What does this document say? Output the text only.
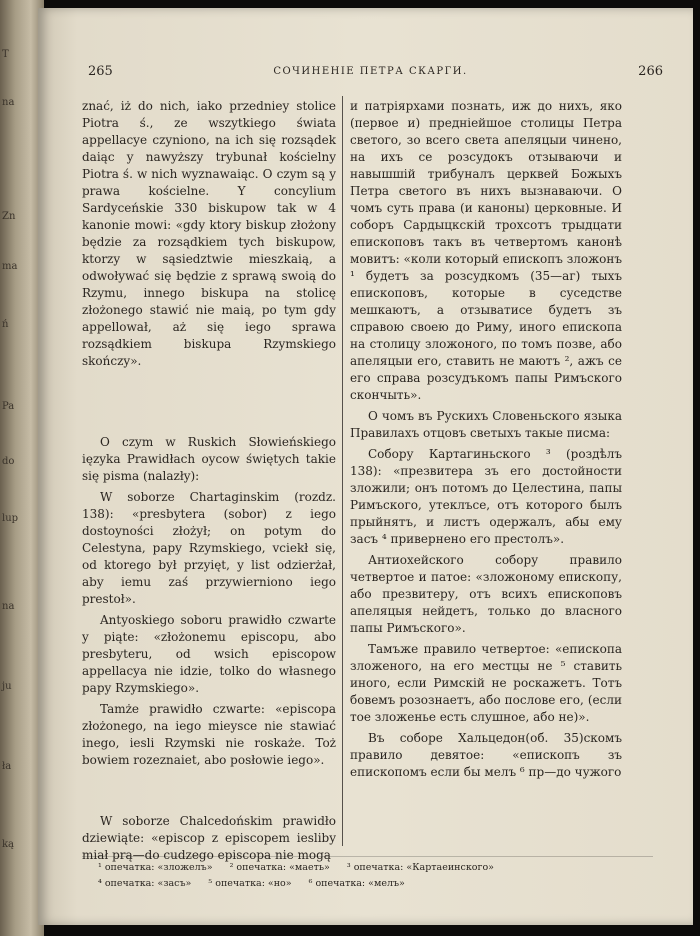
Т
na
Zn
ma
ń
Pa
do
lup
na
ju
ła
ką
265	СОЧИНЕНІЕ ПЕТРА СКАРГИ.	266

znać, iż do nich, iako przedniey stolice Piotra ś., ze wszytkiego świata appellacye czyniono, na ich się rozsądek daiąc y nawyższy trybunał kościelny Piotra ś. w nich wyznawaiąc. O czym są y prawa kościelne. Y concylium Sardyceńskie 330 biskupow tak w 4 kanonie mowi: «gdy ktory biskup złożony będzie za rozsądkiem tych biskupow, ktorzy w sąsiedztwie mieszkaią, a odwoływać się będzie z sprawą swoią do Rzymu, innego biskupa na stolicę złożonego stawić nie maią, po tym gdy appellował, aż się iego sprawa rozsądkiem biskupa Rzymskiego skończy».

O czym w Ruskich Słowieńskiego ięzyka Prawidłach oycow świętych takie się pisma (nalazły):

W soborze Chartaginskim (rozdz. 138): «presbytera (sobor) z iego dostoyności złożył; on potym do Celestyna, papy Rzymskiego, vciekł się, od ktorego był przyięt, y list odzierżał, aby iemu zaś przywierniono iego prestoł».

Antyoskiego soboru prawidło czwarte y piąte: «złożonemu episcopu, abo presbyteru, od wsich episcopow appellacya nie idzie, tolko do własnego papy Rzymskiego».

Tamże prawidło czwarte: «episcopa złożonego, na iego mieysce nie stawiać inego, iesli Rzymski nie roskaże. Toż bowiem rozeznaiet, abo posłowie iego».

W soborze Chalcedońskim prawidło dziewiąte: «episcop z episcopem iesliby miał prą—do cudzego episcopa nie mogą

и патріярхами познать, иж до нихъ, яко (первое и) предніейшое столицы Петра светого, зо всего света апеляцыи чинено, на ихъ се розсудокъ отзываючи и навышшій трибуналъ церквей Божыхъ Петра светого въ нихъ вызнаваючи. О чомъ суть права (и каноны) церковные. И соборъ Сардыцкскій трохсотъ трыдцати епископовъ такъ въ четвертомъ канонѣ мовитъ: «коли который епископъ зложонъ ¹ будетъ за розсудкомъ (35—аг) тыхъ епископовъ, которые в суседстве мешкаютъ, а отзыватисе будетъ зъ справою своею до Риму, иного епископа на столицу зложоного, по томъ позве, або апеляцыи его, ставить не маютъ ², ажъ се его справа розсудъкомъ папы Римъского скончыть».

О чомъ въ Рускихъ Словеньского языка Правилахъ отцовъ светыхъ такые писма:

Собору Картагиньского ³ (роздѣлъ 138): «презвитера зъ его достойности зложили; онъ потомъ до Целестина, папы Римъского, утеклъсе, отъ которого былъ прыйнятъ, и листъ одержалъ, абы ему засъ ⁴ привернено его престолъ».

Антиохейского собору правило четвертое и патое: «зложоному епископу, або презвитеру, отъ всихъ епископовъ апеляцыя нейдетъ, только до влaсного папы Римъского».

Тамъже правило четвертое: «епископа зложеного, на его местцы не ⁵ ставить иного, если Римскій не роскажетъ. Тотъ бовемъ розознаетъ, або послове его, (если тое зложенье есть слушное, або не)».

Въ соборе Хальцедон(об. 35)скомъ правило девятое: «епископъ зъ епископомъ если бы мелъ ⁶ пр—до чужого

¹ опечатка: «зложелъ» ² опечатка: «маеть» ³ опечатка: «Картаеинского»
⁴ опечатка: «засъ» ⁵ опечатка: «но» ⁶ опечатка: «мелъ»
